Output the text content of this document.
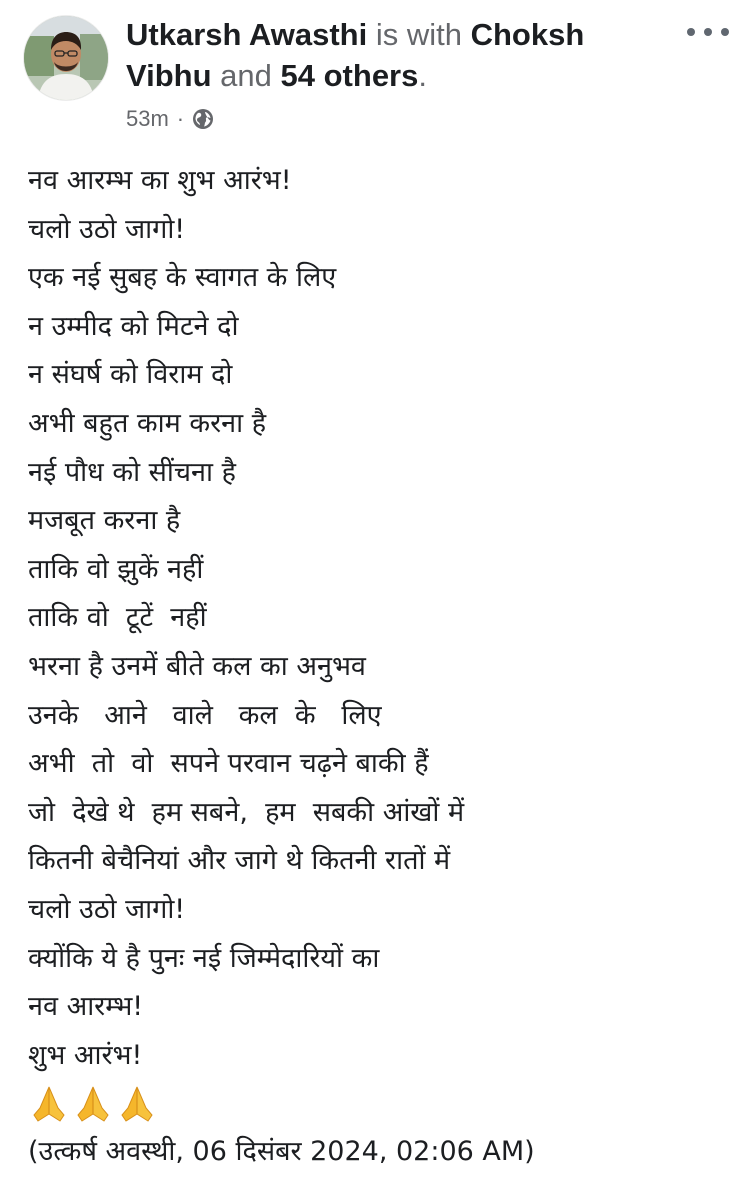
Utkarsh Awasthi is with Choksh Vibhu and 54 others.

53m ·
नव आरम्भ का शुभ आरंभ!
चलो उठो जागो!
एक नई सुबह के स्वागत के लिए
न उम्मीद को मिटने दो
न संघर्ष को विराम दो
अभी बहुत काम करना है
नई पौध को सींचना है
मजबूत करना है
ताकि वो झुकें नहीं
ताकि वो  टूटें  नहीं
भरना है उनमें बीते कल का अनुभव
उनके   आने   वाले   कल  के   लिए
अभी  तो  वो  सपने परवान चढ़ने बाकी हैं
जो  देखे थे  हम सबने,  हम  सबकी आंखों में
कितनी बेचैनियां और जागे थे कितनी रातों में
चलो उठो जागो!
क्योंकि ये है पुनः नई जिम्मेदारियों का
नव आरम्भ!
शुभ आरंभ!
(उत्कर्ष अवस्थी, 06 दिसंबर 2024, 02:06 AM)
